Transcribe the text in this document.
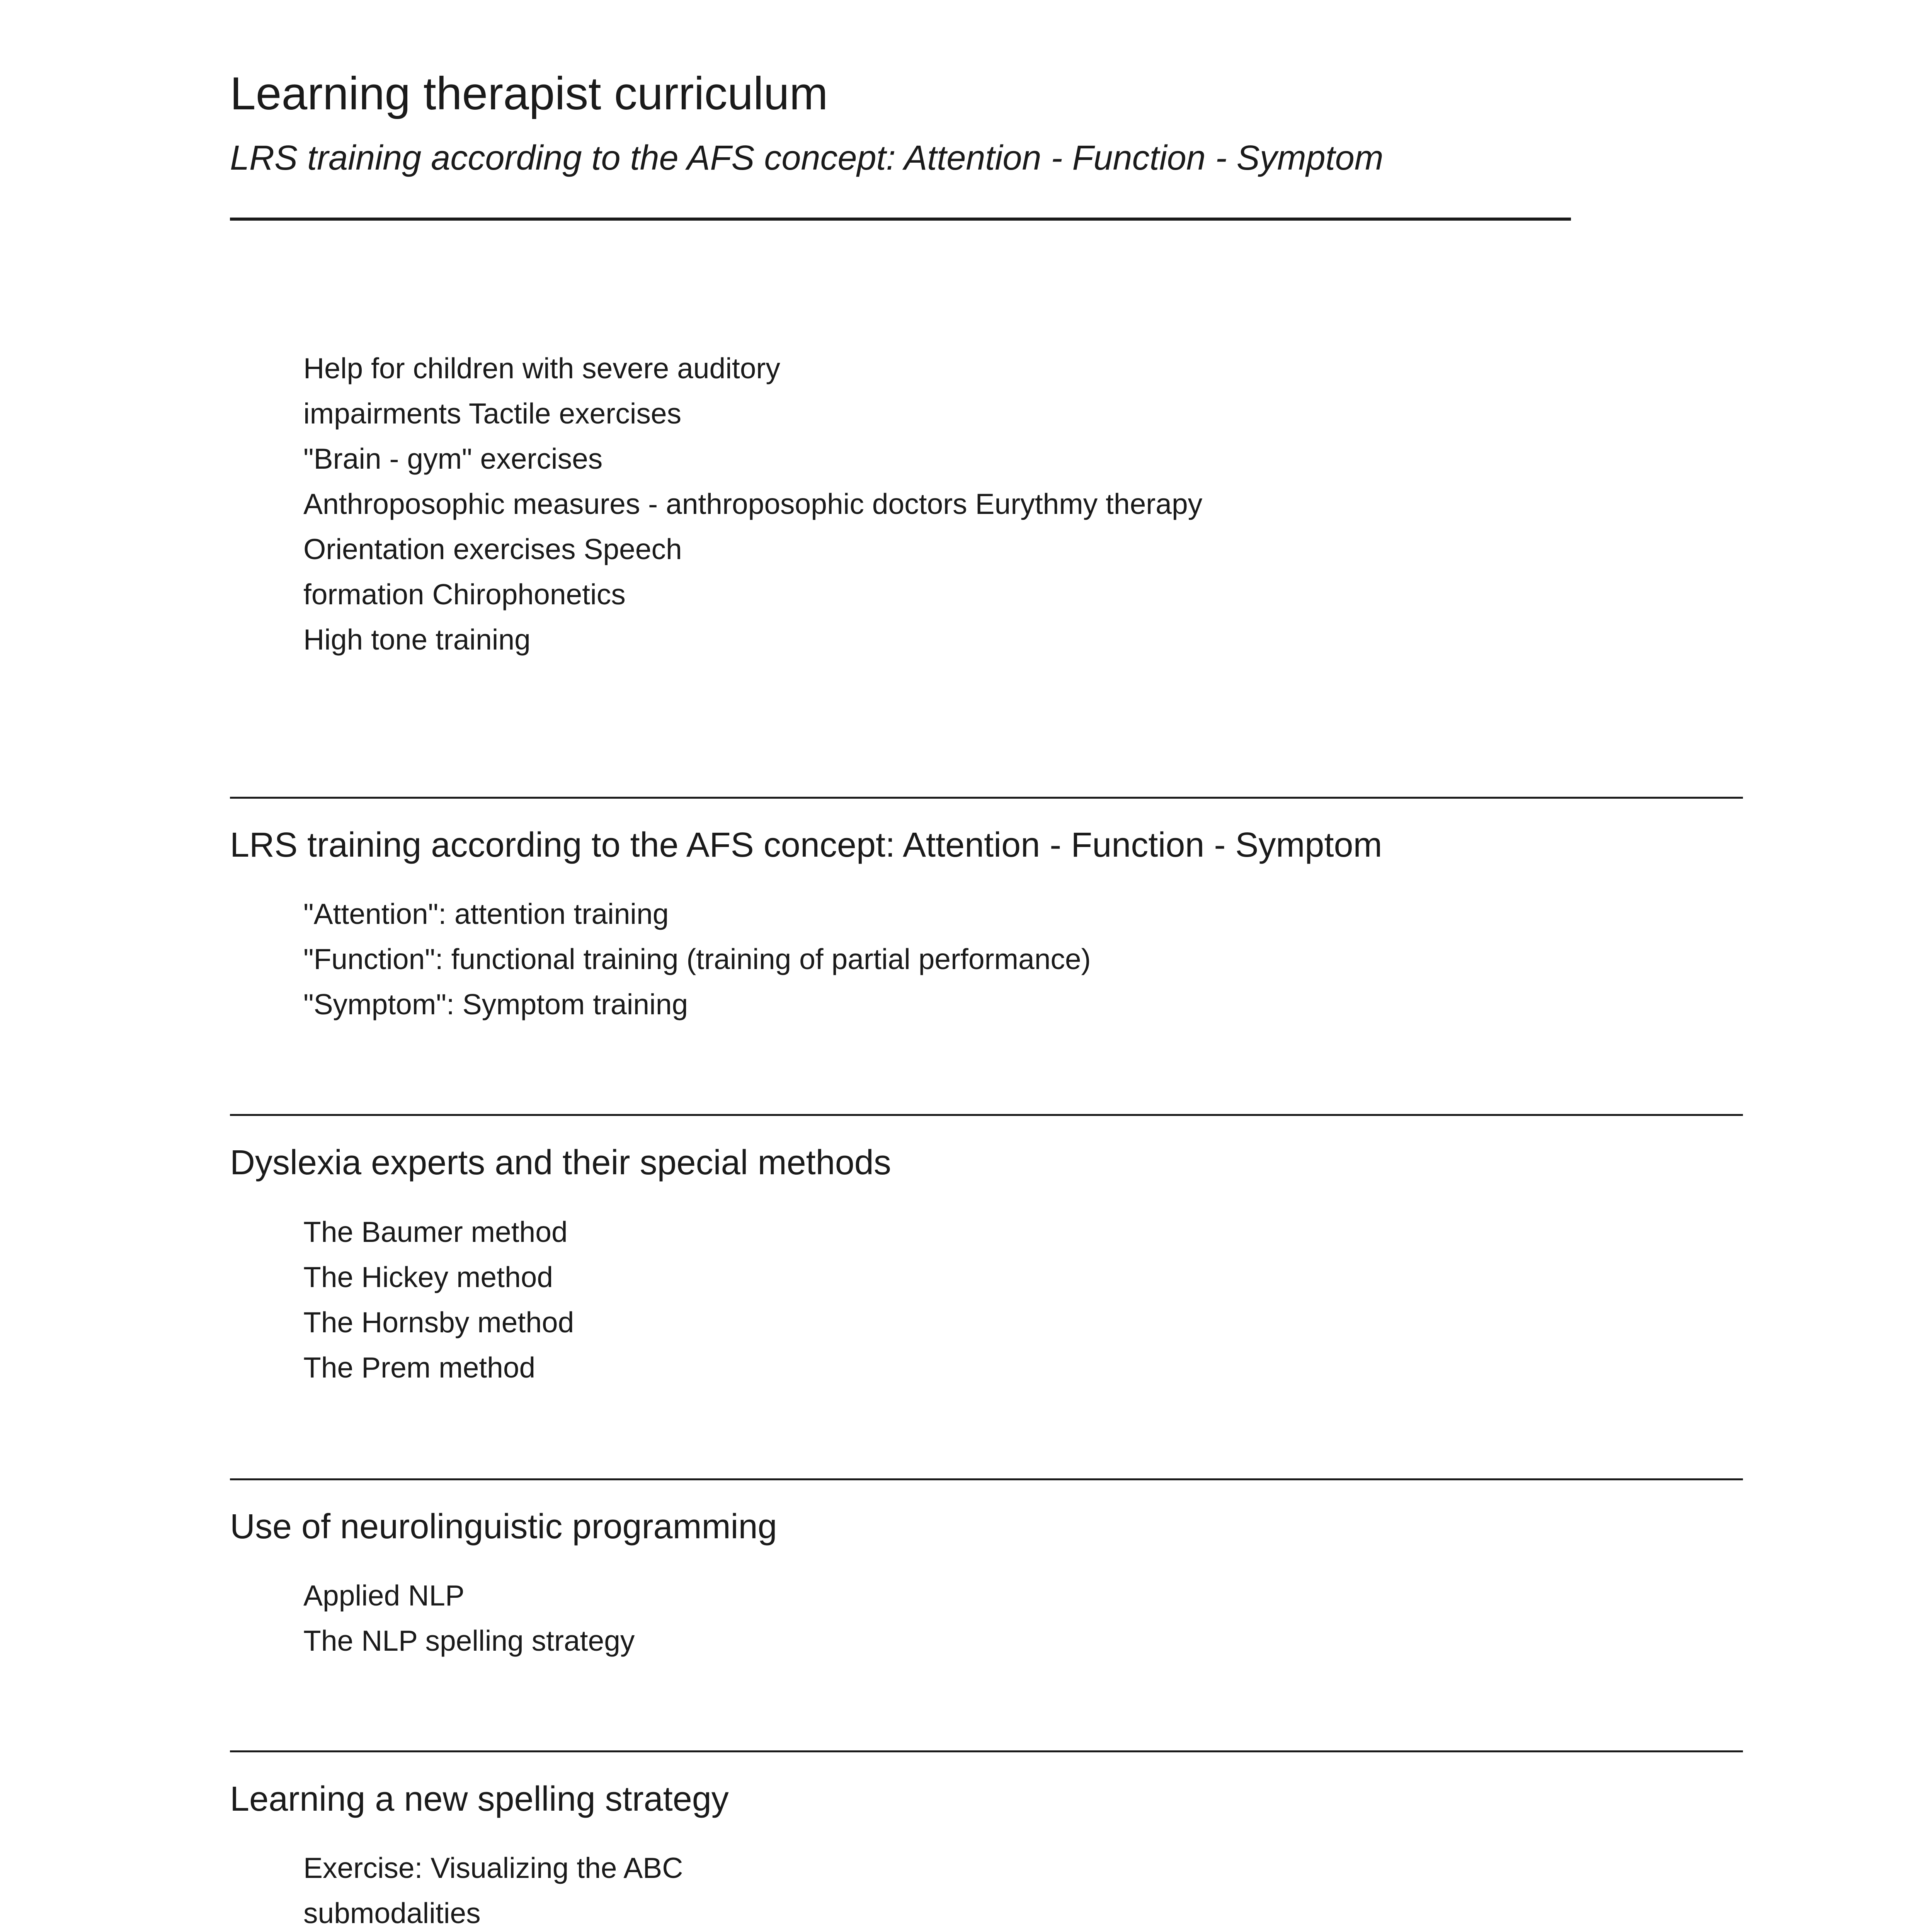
Learning therapist curriculum
LRS training according to the AFS concept: Attention - Function - Symptom
Help for children with severe auditory
impairments Tactile exercises
"Brain - gym" exercises
Anthroposophic measures - anthroposophic doctors Eurythmy therapy
Orientation exercises Speech
formation Chirophonetics
High tone training
LRS training according to the AFS concept: Attention - Function - Symptom
"Attention": attention training
"Function": functional training (training of partial performance)
"Symptom": Symptom training
Dyslexia experts and their special methods
The Baumer method
The Hickey method
The Hornsby method
The Prem method
Use of neurolinguistic programming
Applied NLP
The NLP spelling strategy
Learning a new spelling strategy
Exercise: Visualizing the ABC
submodalities
